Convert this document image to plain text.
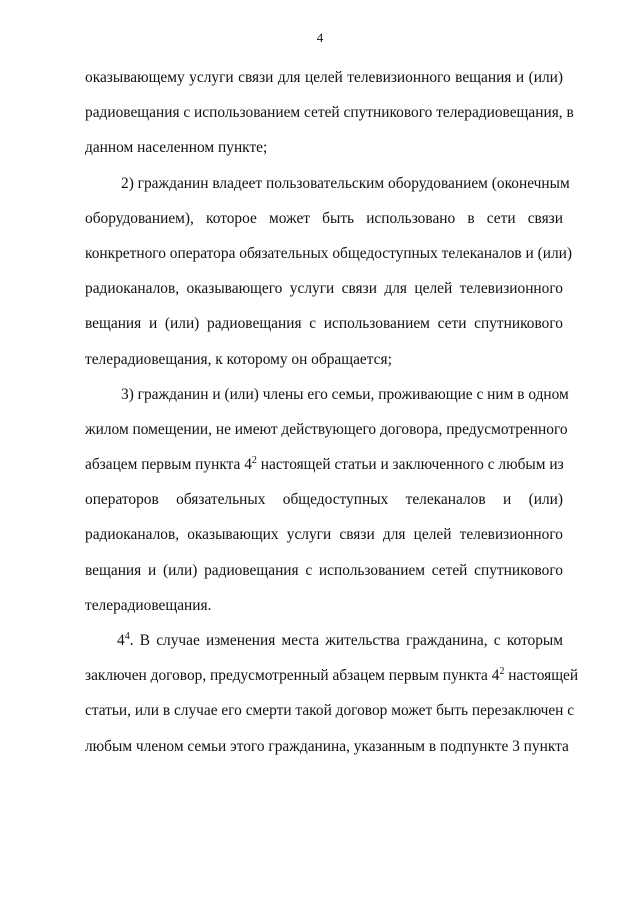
4
оказывающему услуги связи для целей телевизионного вещания и (или)
радиовещания с использованием сетей спутникового телерадиовещания, в
данном населенном пункте;
2) гражданин владеет пользовательским оборудованием (оконечным
оборудованием), которое может быть использовано в сети связи
конкретного оператора обязательных общедоступных телеканалов и (или)
радиоканалов, оказывающего услуги связи для целей телевизионного
вещания и (или) радиовещания с использованием сети спутникового
телерадиовещания, к которому он обращается;
3) гражданин и (или) члены его семьи, проживающие с ним в одном
жилом помещении, не имеют действующего договора, предусмотренного
абзацем первым пункта $4^2$ настоящей статьи и заключенного с любым из
операторов обязательных общедоступных телеканалов и (или)
радиоканалов, оказывающих услуги связи для целей телевизионного
вещания и (или) радиовещания с использованием сетей спутникового
телерадиовещания.
$4^4$. В случае изменения места жительства гражданина, с которым
заключен договор, предусмотренный абзацем первым пункта $4^2$ настоящей
статьи, или в случае его смерти такой договор может быть перезаключен с
любым членом семьи этого гражданина, указанным в подпункте 3 пункта
